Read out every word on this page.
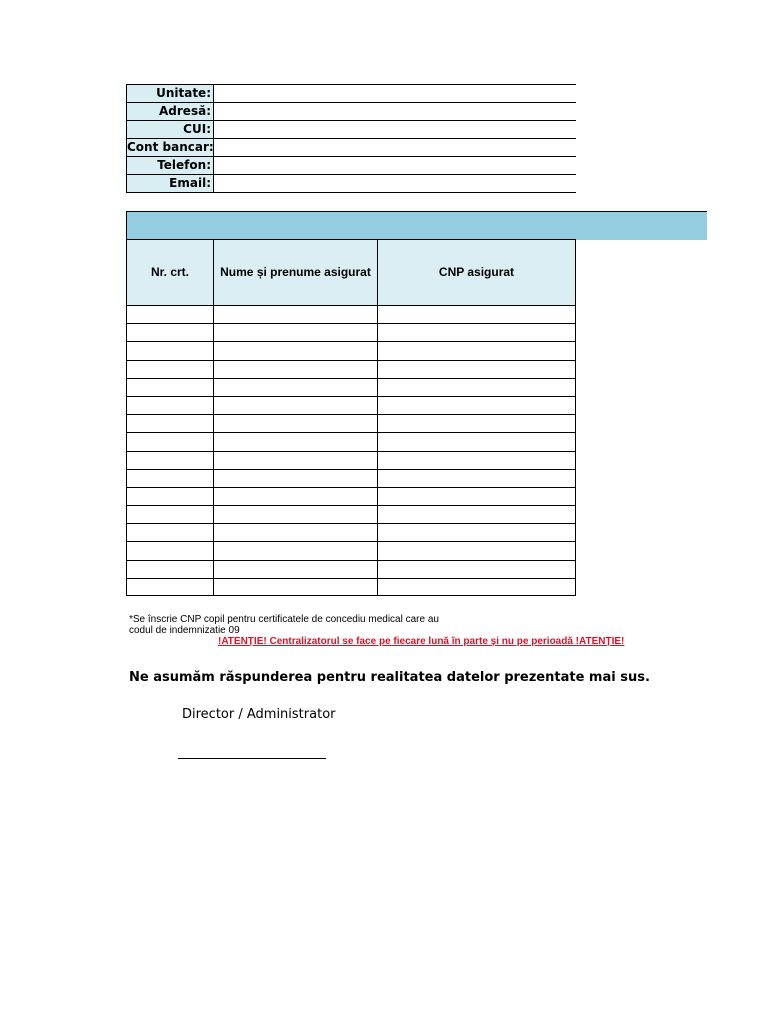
Unitate:
Adresă:
CUI:
Cont bancar:
Telefon:
Email:
Nr. crt.	Nume și prenume asigurat	CNP asigurat
*Se înscrie CNP copil pentru certificatele de concediu medical care au codul de indemnizatie 09
!ATENȚIE! Centralizatorul se face pe fiecare lună în parte și nu pe perioadă !ATENȚIE!
Ne asumăm răspunderea pentru realitatea datelor prezentate mai sus.
Director / Administrator
